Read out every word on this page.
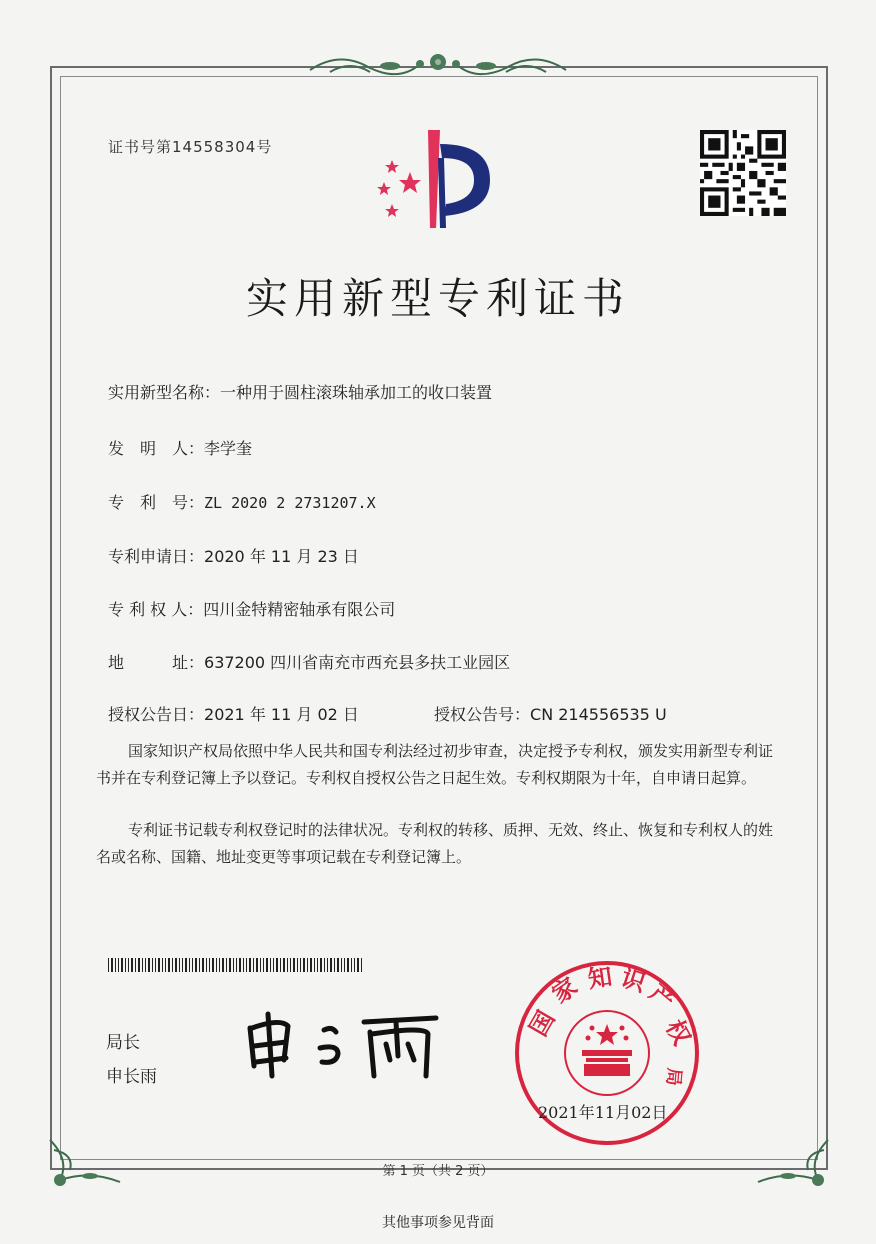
证书号第14558304号
实用新型专利证书
实用新型名称：一种用于圆柱滚珠轴承加工的收口装置
发　明　人：李学奎
专　利　号：ZL 2020 2 2731207.X
专利申请日：2020 年 11 月 23 日
专 利 权 人：四川金特精密轴承有限公司
地　　　址：637200 四川省南充市西充县多扶工业园区
授权公告日：2021 年 11 月 02 日	授权公告号：CN 214556535 U
国家知识产权局依照中华人民共和国专利法经过初步审查，决定授予专利权，颁发实用新型专利证书并在专利登记簿上予以登记。专利权自授权公告之日起生效。专利权期限为十年，自申请日起算。
专利证书记载专利权登记时的法律状况。专利权的转移、质押、无效、终止、恢复和专利权人的姓名或名称、国籍、地址变更等事项记载在专利登记簿上。
局长
申长雨
国
家 知 识
产
权
局
2021年11月02日
第 1 页（共 2 页）
其他事项参见背面
